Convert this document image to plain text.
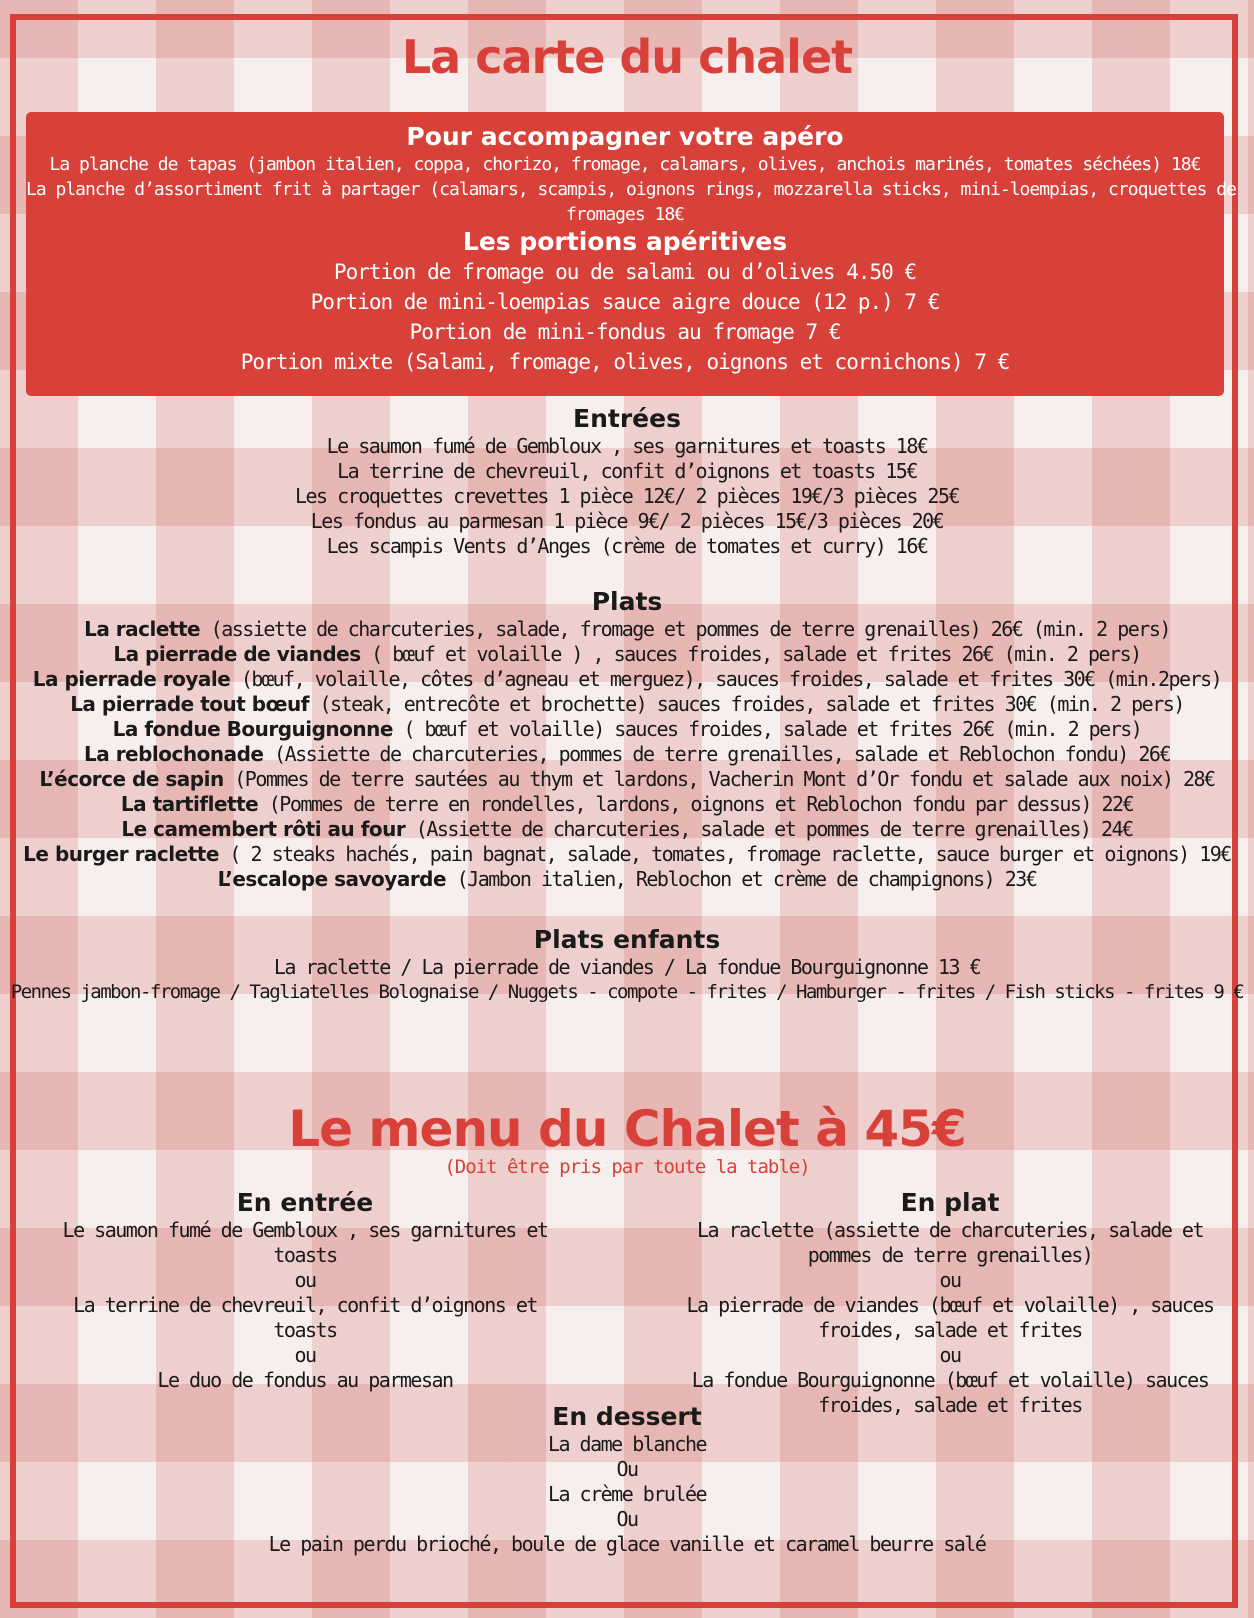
La carte du chalet
Pour accompagner votre apéro
La planche de tapas (jambon italien, coppa, chorizo, fromage, calamars, olives, anchois marinés, tomates séchées) 18€
La planche d’assortiment frit à partager (calamars, scampis, oignons rings, mozzarella sticks, mini-loempias, croquettes de
fromages 18€
Les portions apéritives
Portion de fromage ou de salami ou d’olives 4.50 €
Portion de mini-loempias sauce aigre douce (12 p.) 7 €
Portion de mini-fondus au fromage 7 €
Portion mixte (Salami, fromage, olives, oignons et cornichons) 7 €
Entrées
Le saumon fumé de Gembloux , ses garnitures et toasts 18€
La terrine de chevreuil, confit d’oignons et toasts 15€
Les croquettes crevettes 1 pièce 12€/ 2 pièces 19€/3 pièces 25€
Les fondus au parmesan 1 pièce 9€/ 2 pièces 15€/3 pièces 20€
Les scampis Vents d’Anges (crème de tomates et curry) 16€
Plats
La raclette (assiette de charcuteries, salade, fromage et pommes de terre grenailles) 26€ (min. 2 pers)
La pierrade de viandes ( bœuf et volaille ) , sauces froides, salade et frites 26€ (min. 2 pers)
La pierrade royale (bœuf, volaille, côtes d’agneau et merguez), sauces froides, salade et frites 30€ (min.2pers)
La pierrade tout bœuf (steak, entrecôte et brochette) sauces froides, salade et frites 30€ (min. 2 pers)
La fondue Bourguignonne ( bœuf et volaille) sauces froides, salade et frites 26€ (min. 2 pers)
La reblochonade (Assiette de charcuteries, pommes de terre grenailles, salade et Reblochon fondu) 26€
L’écorce de sapin (Pommes de terre sautées au thym et lardons, Vacherin Mont d’Or fondu et salade aux noix) 28€
La tartiflette (Pommes de terre en rondelles, lardons, oignons et Reblochon fondu par dessus) 22€
Le camembert rôti au four (Assiette de charcuteries, salade et pommes de terre grenailles) 24€
Le burger raclette ( 2 steaks hachés, pain bagnat, salade, tomates, fromage raclette, sauce burger et oignons) 19€
L’escalope savoyarde (Jambon italien, Reblochon et crème de champignons) 23€
Plats enfants
La raclette / La pierrade de viandes / La fondue Bourguignonne 13 €
Pennes jambon-fromage / Tagliatelles Bolognaise / Nuggets - compote - frites / Hamburger - frites / Fish sticks - frites 9 €
Le menu du Chalet à 45€
(Doit être pris par toute la table)
En entrée
Le saumon fumé de Gembloux , ses garnitures et toasts
ou
La terrine de chevreuil, confit d’oignons et toasts
ou
Le duo de fondus au parmesan
En plat
La raclette (assiette de charcuteries, salade et pommes de terre grenailles)
ou
La pierrade de viandes (bœuf et volaille) , sauces froides, salade et frites
ou
La fondue Bourguignonne (bœuf et volaille) sauces froides, salade et frites
En dessert
La dame blanche
Ou
La crème brulée
Ou
Le pain perdu brioché, boule de glace vanille et caramel beurre salé
